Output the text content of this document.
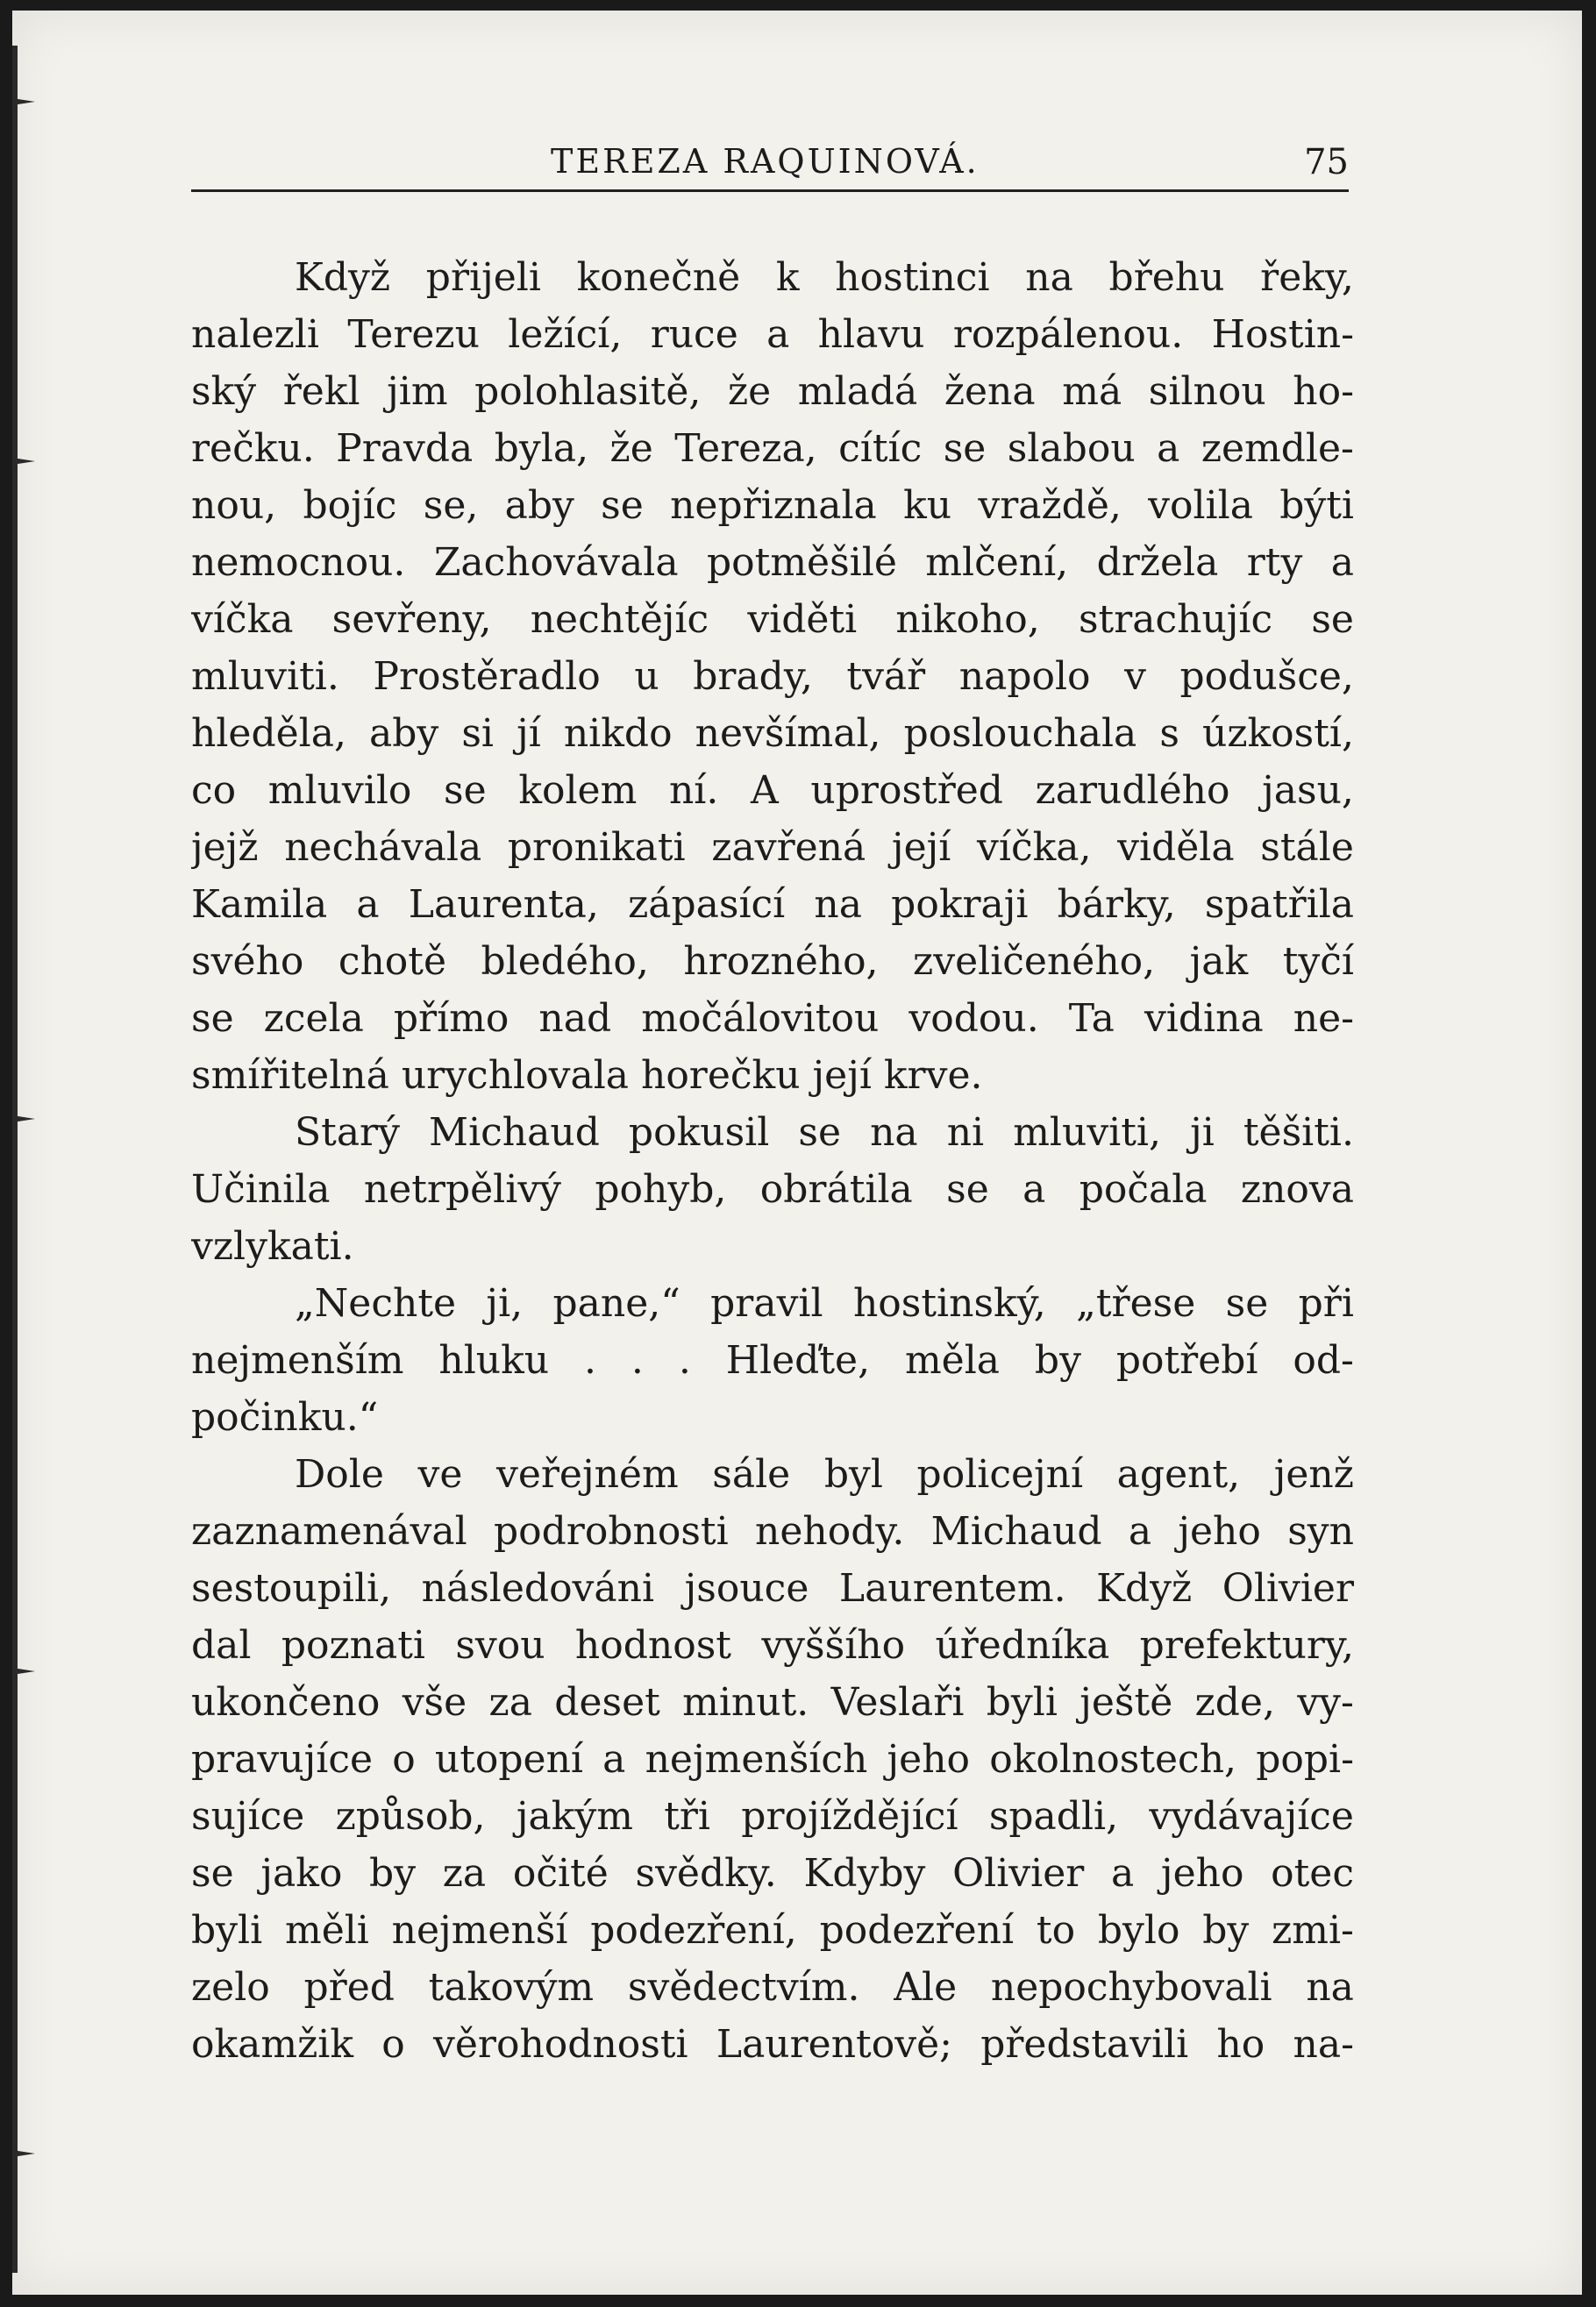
TEREZA RAQUINOVÁ.	75
Když přijeli konečně k hostinci na břehu řeky,
nalezli Terezu ležící, ruce a hlavu rozpálenou. Hostin-
ský řekl jim polohlasitě, že mladá žena má silnou ho-
rečku. Pravda byla, že Tereza, cítíc se slabou a zemdle-
nou, bojíc se, aby se nepřiznala ku vraždě, volila býti
nemocnou. Zachovávala potměšilé mlčení, držela rty a
víčka sevřeny, nechtějíc viděti nikoho, strachujíc se
mluviti. Prostěradlo u brady, tvář napolo v podušce,
hleděla, aby si jí nikdo nevšímal, poslouchala s úzkostí,
co mluvilo se kolem ní. A uprostřed zarudlého jasu,
jejž nechávala pronikati zavřená její víčka, viděla stále
Kamila a Laurenta, zápasící na pokraji bárky, spatřila
svého chotě bledého, hrozného, zveličeného, jak tyčí
se zcela přímo nad močálovitou vodou. Ta vidina ne-
smířitelná urychlovala horečku její krve.
Starý Michaud pokusil se na ni mluviti, ji těšiti.
Učinila netrpělivý pohyb, obrátila se a počala znova
vzlykati.
„Nechte ji, pane,“ pravil hostinský, „třese se při
nejmenším hluku . . . Hleďte, měla by potřebí od-
počinku.“
Dole ve veřejném sále byl policejní agent, jenž
zaznamenával podrobnosti nehody. Michaud a jeho syn
sestoupili, následováni jsouce Laurentem. Když Olivier
dal poznati svou hodnost vyššího úředníka prefektury,
ukončeno vše za deset minut. Veslaři byli ještě zde, vy-
pravujíce o utopení a nejmenších jeho okolnostech, popi-
sujíce způsob, jakým tři projíždějící spadli, vydávajíce
se jako by za očité svědky. Kdyby Olivier a jeho otec
byli měli nejmenší podezření, podezření to bylo by zmi-
zelo před takovým svědectvím. Ale nepochybovali na
okamžik o věrohodnosti Laurentově; představili ho na-
